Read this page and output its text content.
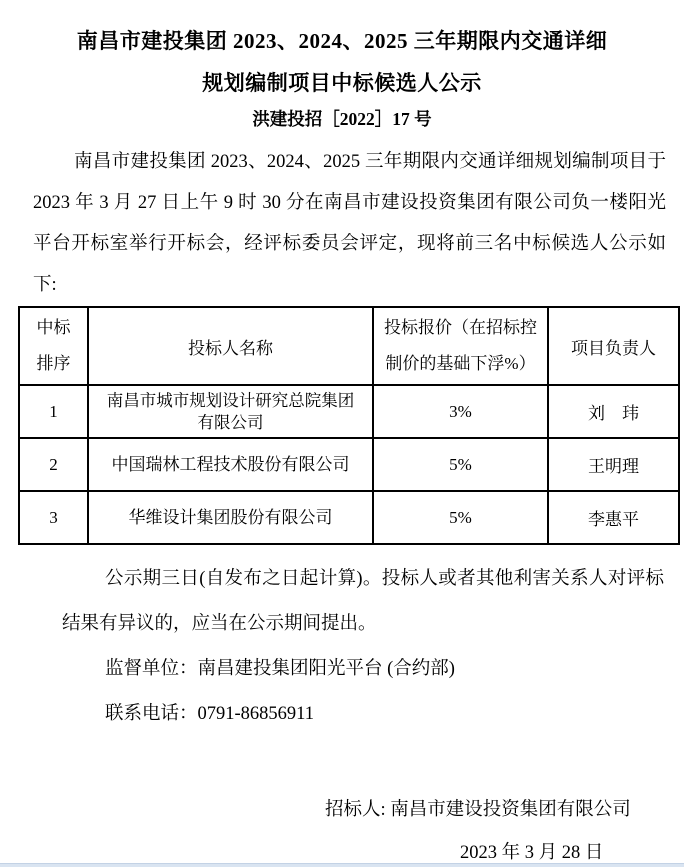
南昌市建投集团 2023、2024、2025 三年期限内交通详细
规划编制项目中标候选人公示
洪建投招［2022］17 号

南昌市建投集团 2023、2024、2025 三年期限内交通详细规划编制项目于 2023 年 3 月 27 日上午 9 时 30 分在南昌市建设投资集团有限公司负一楼阳光平台开标室举行开标会，经评标委员会评定，现将前三名中标候选人公示如下:

中标排序	投标人名称	投标报价（在招标控制价的基础下浮%）	项目负责人
1	南昌市城市规划设计研究总院集团有限公司	3%	刘　玮
2	中国瑞林工程技术股份有限公司	5%	王明理
3	华维设计集团股份有限公司	5%	李惠平

公示期三日(自发布之日起计算)。投标人或者其他利害关系人对评标结果有异议的，应当在公示期间提出。

监督单位：南昌建投集团阳光平台 (合约部)
联系电话：0791-86856911
招标人: 南昌市建设投资集团有限公司
2023 年 3 月 28 日
